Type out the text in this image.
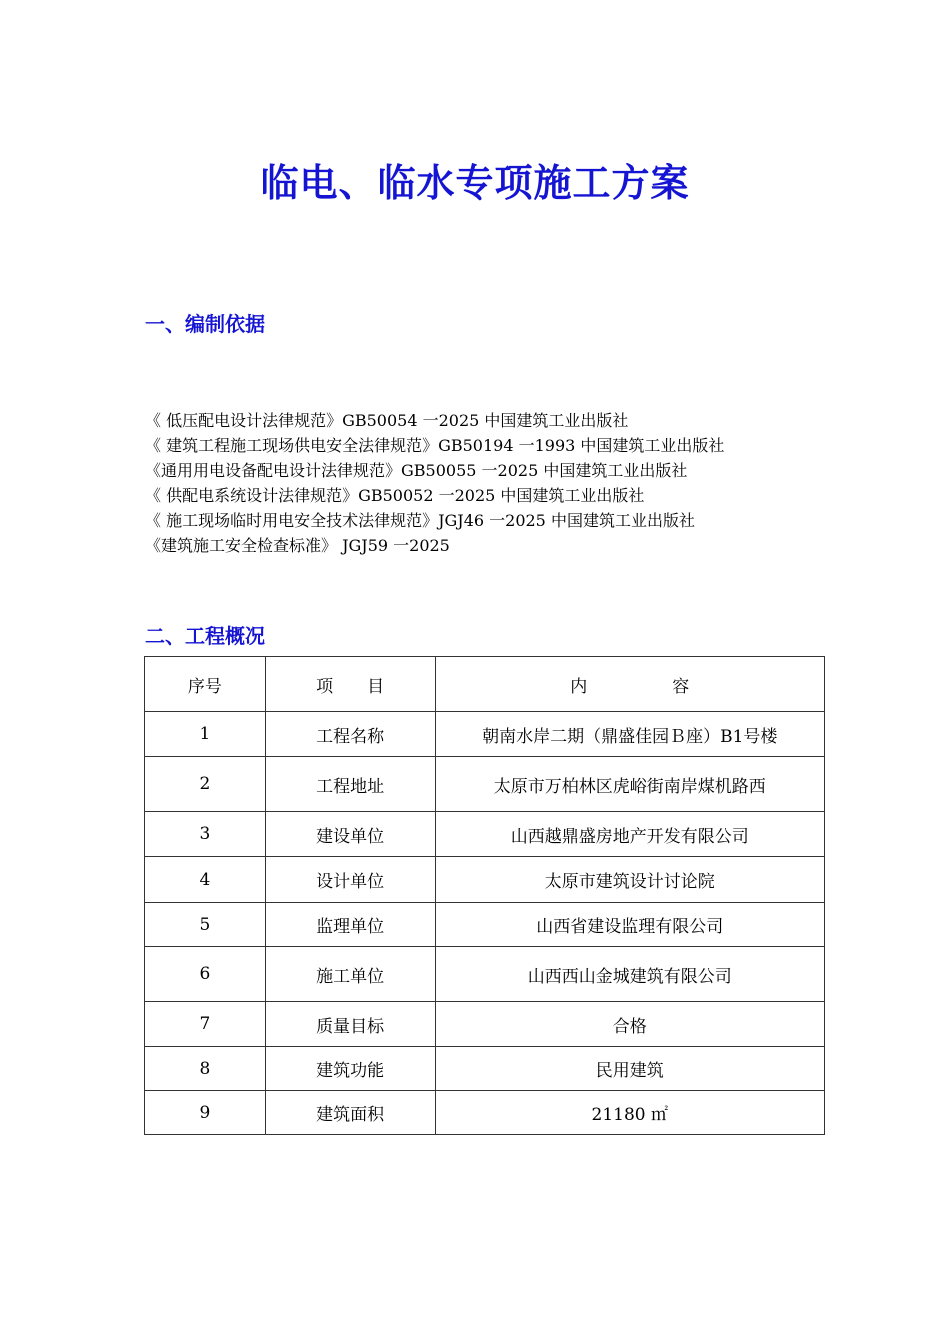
临电、临水专项施工方案
一、编制依据
《 低压配电设计法律规范》GB50054 一2025 中国建筑工业出版社
《 建筑工程施工现场供电安全法律规范》GB50194 一1993 中国建筑工业出版社
《通用用电设备配电设计法律规范》GB50055 一2025 中国建筑工业出版社
《 供配电系统设计法律规范》GB50052 一2025 中国建筑工业出版社
《 施工现场临时用电安全技术法律规范》JGJ46 一2025 中国建筑工业出版社
《建筑施工安全检查标准》 JGJ59 一2025
二、工程概况
序号	项　　目	内　　　　　容
1	工程名称	朝南水岸二期（鼎盛佳园Ｂ座）B1号楼
2	工程地址	太原市万柏林区虎峪街南岸煤机路西
3	建设单位	山西越鼎盛房地产开发有限公司
4	设计单位	太原市建筑设计讨论院
5	监理单位	山西省建设监理有限公司
6	施工单位	山西西山金城建筑有限公司
7	质量目标	合格
8	建筑功能	民用建筑
9	建筑面积	21180 ㎡
